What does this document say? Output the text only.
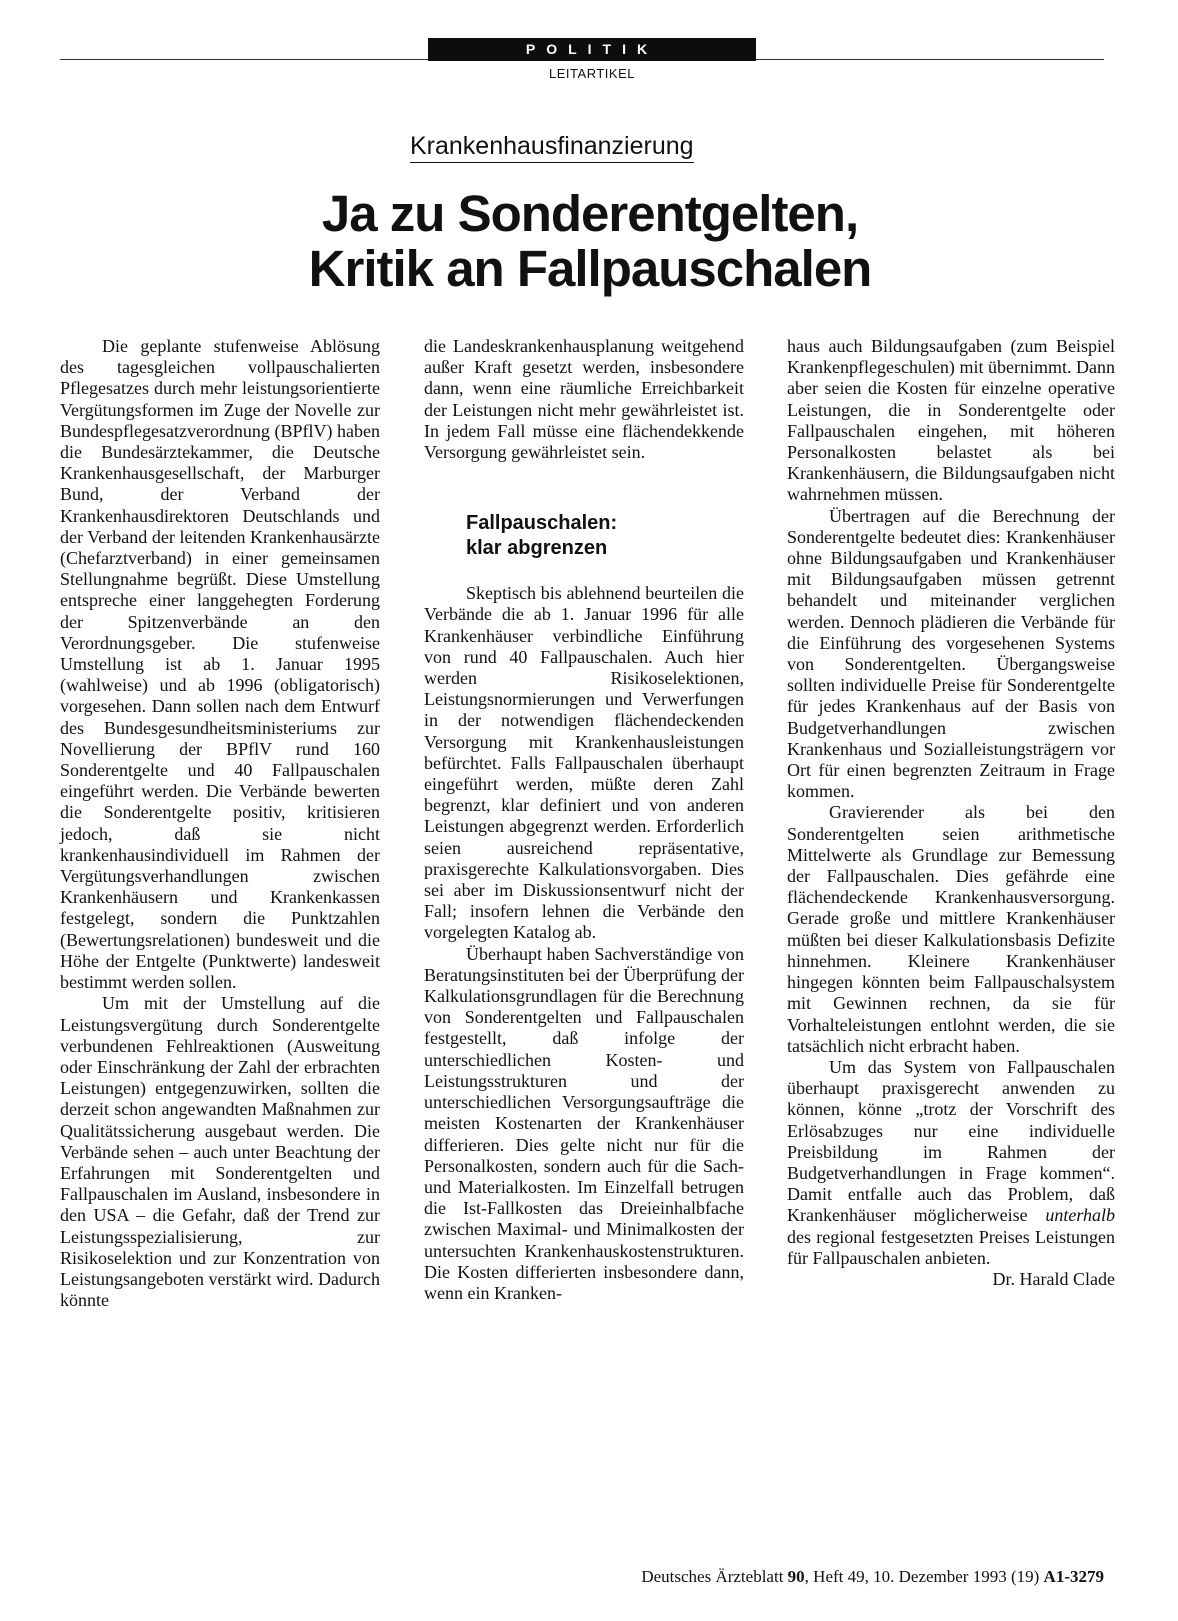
POLITIK
LEITARTIKEL
Krankenhausfinanzierung
Ja zu Sonderentgelten,
Kritik an Fallpauschalen

Die geplante stufenweise Ablösung des tagesgleichen vollpauschalierten Pflegesatzes durch mehr leistungsorientierte Vergütungsformen im Zuge der Novelle zur Bundespflegesatzverordnung (BPflV) haben die Bundesärztekammer, die Deutsche Krankenhausgesellschaft, der Marburger Bund, der Verband der Krankenhausdirektoren Deutschlands und der Verband der leitenden Krankenhausärzte (Chefarztverband) in einer gemeinsamen Stellungnahme begrüßt. Diese Umstellung entspreche einer langgehegten Forderung der Spitzenverbände an den Verordnungsgeber. Die stufenweise Umstellung ist ab 1. Januar 1995 (wahlweise) und ab 1996 (obligatorisch) vorgesehen. Dann sollen nach dem Entwurf des Bundesgesundheitsministeriums zur Novellierung der BPflV rund 160 Sonderentgelte und 40 Fallpauschalen eingeführt werden. Die Verbände bewerten die Sonderentgelte positiv, kritisieren jedoch, daß sie nicht krankenhausindividuell im Rahmen der Vergütungsverhandlungen zwischen Krankenhäusern und Krankenkassen festgelegt, sondern die Punktzahlen (Bewertungsrelationen) bundesweit und die Höhe der Entgelte (Punktwerte) landesweit bestimmt werden sollen.

Um mit der Umstellung auf die Leistungsvergütung durch Sonderentgelte verbundenen Fehlreaktionen (Ausweitung oder Einschränkung der Zahl der erbrachten Leistungen) entgegenzuwirken, sollten die derzeit schon angewandten Maßnahmen zur Qualitätssicherung ausgebaut werden. Die Verbände sehen – auch unter Beachtung der Erfahrungen mit Sonderentgelten und Fallpauschalen im Ausland, insbesondere in den USA – die Gefahr, daß der Trend zur Leistungsspezialisierung, zur Risikoselektion und zur Konzentration von Leistungsangeboten verstärkt wird. Dadurch könnte

die Landeskrankenhausplanung weitgehend außer Kraft gesetzt werden, insbesondere dann, wenn eine räumliche Erreichbarkeit der Leistungen nicht mehr gewährleistet ist. In jedem Fall müsse eine flächendekkende Versorgung gewährleistet sein.

Fallpauschalen:
klar abgrenzen

Skeptisch bis ablehnend beurteilen die Verbände die ab 1. Januar 1996 für alle Krankenhäuser verbindliche Einführung von rund 40 Fallpauschalen. Auch hier werden Risikoselektionen, Leistungsnormierungen und Verwerfungen in der notwendigen flächendeckenden Versorgung mit Krankenhausleistungen befürchtet. Falls Fallpauschalen überhaupt eingeführt werden, müßte deren Zahl begrenzt, klar definiert und von anderen Leistungen abgegrenzt werden. Erforderlich seien ausreichend repräsentative, praxisgerechte Kalkulationsvorgaben. Dies sei aber im Diskussionsentwurf nicht der Fall; insofern lehnen die Verbände den vorgelegten Katalog ab.

Überhaupt haben Sachverständige von Beratungsinstituten bei der Überprüfung der Kalkulationsgrundlagen für die Berechnung von Sonderentgelten und Fallpauschalen festgestellt, daß infolge der unterschiedlichen Kosten- und Leistungsstrukturen und der unterschiedlichen Versorgungsaufträge die meisten Kostenarten der Krankenhäuser differieren. Dies gelte nicht nur für die Personalkosten, sondern auch für die Sach- und Materialkosten. Im Einzelfall betrugen die Ist-Fallkosten das Dreieinhalbfache zwischen Maximal- und Minimalkosten der untersuchten Krankenhauskostenstrukturen. Die Kosten differierten insbesondere dann, wenn ein Kranken-

haus auch Bildungsaufgaben (zum Beispiel Krankenpflegeschulen) mit übernimmt. Dann aber seien die Kosten für einzelne operative Leistungen, die in Sonderentgelte oder Fallpauschalen eingehen, mit höheren Personalkosten belastet als bei Krankenhäusern, die Bildungsaufgaben nicht wahrnehmen müssen.

Übertragen auf die Berechnung der Sonderentgelte bedeutet dies: Krankenhäuser ohne Bildungsaufgaben und Krankenhäuser mit Bildungsaufgaben müssen getrennt behandelt und miteinander verglichen werden. Dennoch plädieren die Verbände für die Einführung des vorgesehenen Systems von Sonderentgelten. Übergangsweise sollten individuelle Preise für Sonderentgelte für jedes Krankenhaus auf der Basis von Budgetverhandlungen zwischen Krankenhaus und Sozialleistungsträgern vor Ort für einen begrenzten Zeitraum in Frage kommen.

Gravierender als bei den Sonderentgelten seien arithmetische Mittelwerte als Grundlage zur Bemessung der Fallpauschalen. Dies gefährde eine flächendeckende Krankenhausversorgung. Gerade große und mittlere Krankenhäuser müßten bei dieser Kalkulationsbasis Defizite hinnehmen. Kleinere Krankenhäuser hingegen könnten beim Fallpauschalsystem mit Gewinnen rechnen, da sie für Vorhalteleistungen entlohnt werden, die sie tatsächlich nicht erbracht haben.

Um das System von Fallpauschalen überhaupt praxisgerecht anwenden zu können, könne „trotz der Vorschrift des Erlösabzuges nur eine individuelle Preisbildung im Rahmen der Budgetverhandlungen in Frage kommen“. Damit entfalle auch das Problem, daß Krankenhäuser möglicherweise unterhalb des regional festgesetzten Preises Leistungen für Fallpauschalen anbieten.

Dr. Harald Clade

Deutsches Ärzteblatt 90, Heft 49, 10. Dezember 1993 (19) A1-3279
